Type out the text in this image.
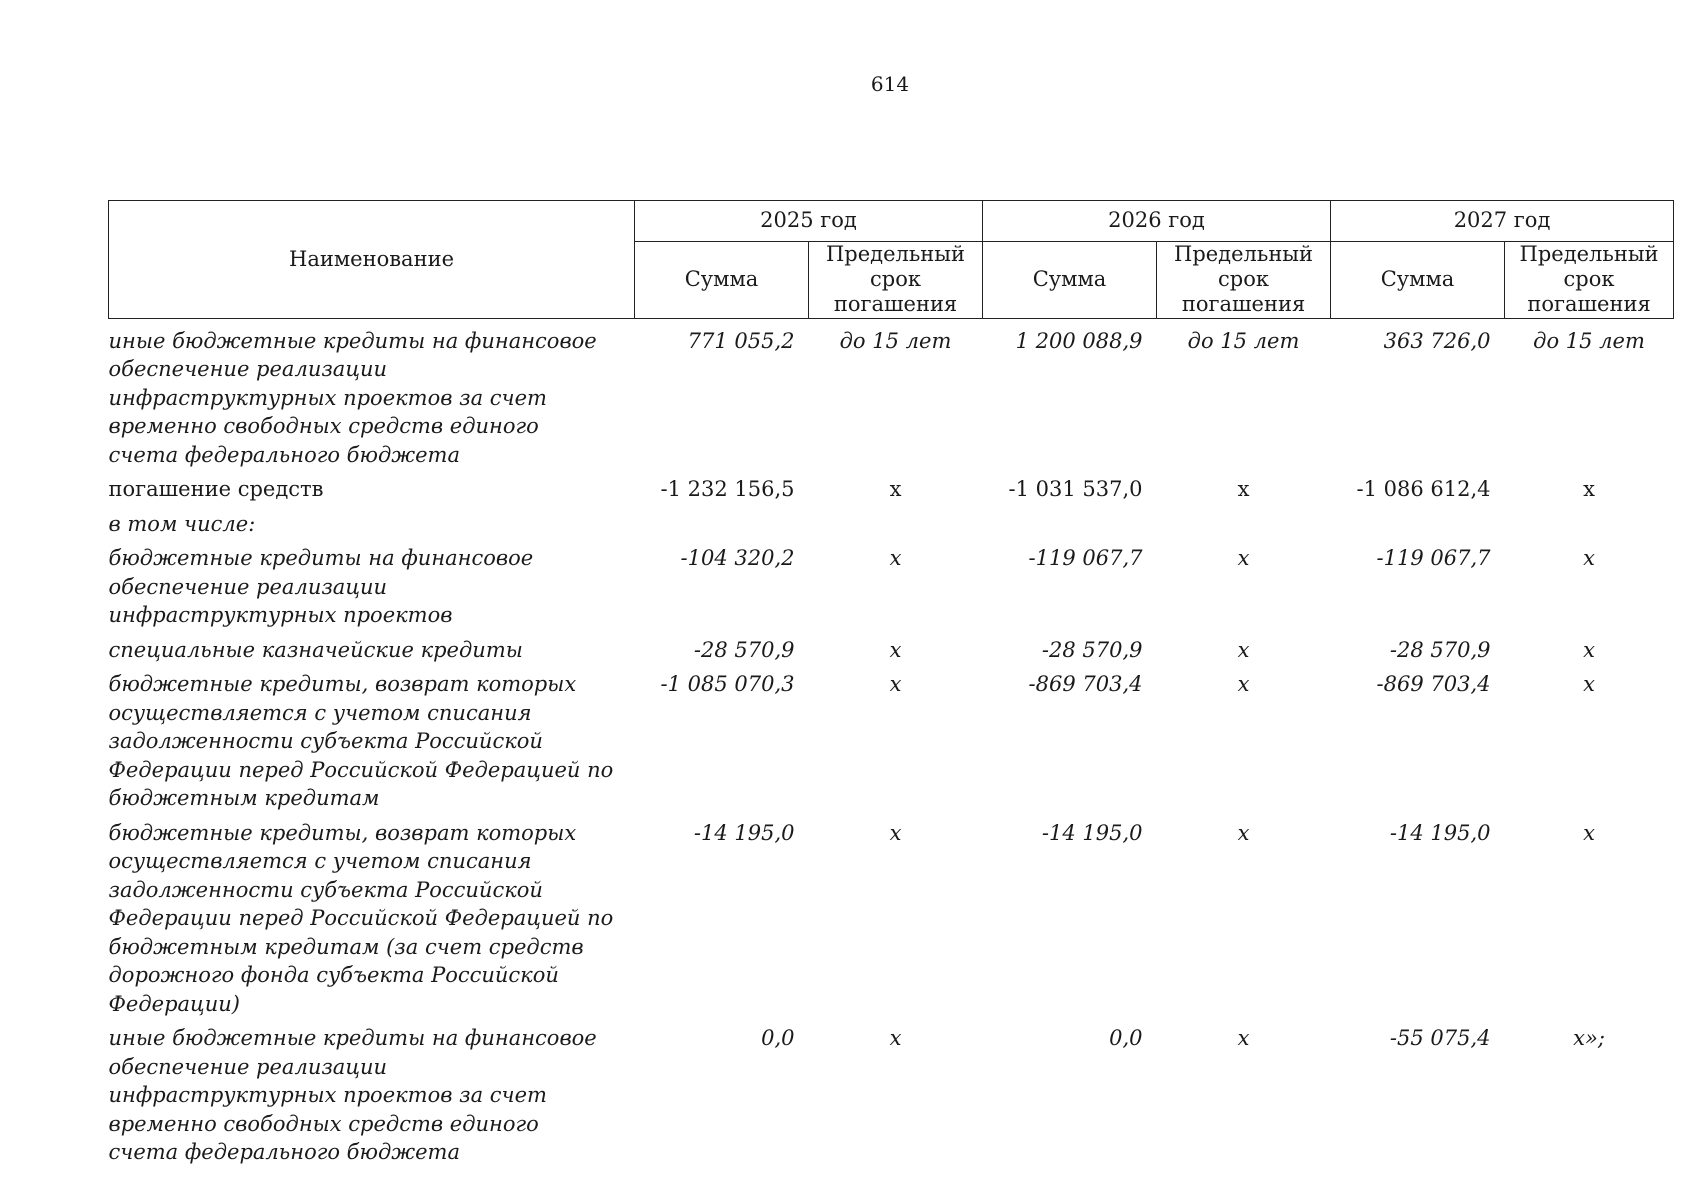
614
Наименование	2025 год		2026 год		2027 год	
	Сумма	Предельный срок погашения	Сумма	Предельный срок погашения	Сумма	Предельный срок погашения

иные бюджетные кредиты на финансовое обеспечение реализации инфраструктурных проектов за счет временно свободных средств единого счета федерального бюджета	771 055,2	до 15 лет	1 200 088,9	до 15 лет	363 726,0	до 15 лет
погашение средств	-1 232 156,5	х	-1 031 537,0	х	-1 086 612,4	х
в том числе:						
бюджетные кредиты на финансовое обеспечение реализации инфраструктурных проектов	-104 320,2	х	-119 067,7	х	-119 067,7	х
специальные казначейские кредиты	-28 570,9	х	-28 570,9	х	-28 570,9	х
бюджетные кредиты, возврат которых осуществляется с учетом списания задолженности субъекта Российской Федерации перед Российской Федерацией по бюджетным кредитам	-1 085 070,3	х	-869 703,4	х	-869 703,4	х
бюджетные кредиты, возврат которых осуществляется с учетом списания задолженности субъекта Российской Федерации перед Российской Федерацией по бюджетным кредитам (за счет средств дорожного фонда субъекта Российской Федерации)	-14 195,0	х	-14 195,0	х	-14 195,0	х
иные бюджетные кредиты на финансовое обеспечение реализации инфраструктурных проектов за счет временно свободных средств единого счета федерального бюджета	0,0	х	0,0	х	-55 075,4	х»;
